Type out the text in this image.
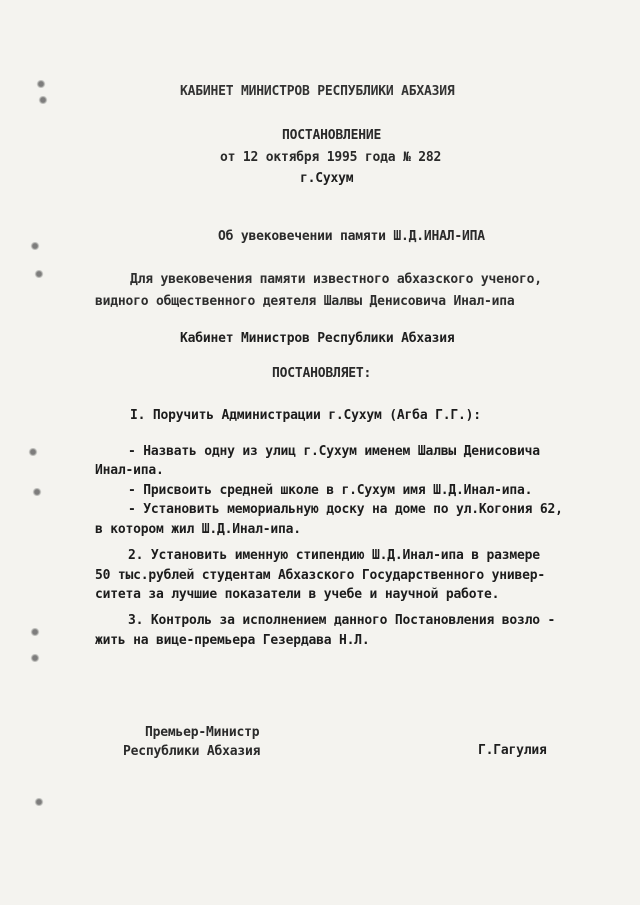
КАБИНЕТ МИНИСТРОВ РЕСПУБЛИКИ АБХАЗИЯ
ПОСТАНОВЛЕНИЕ
от 12 октября 1995 года № 282
г.Сухум
Об увековечении памяти Ш.Д.ИНАЛ-ИПА
Для увековечения памяти известного абхазского ученого,
видного общественного деятеля Шалвы Денисовича Инал-ипа
Кабинет Министров Республики Абхазия
ПОСТАНОВЛЯЕТ:
I. Поручить Администрации г.Сухум (Агба Г.Г.):
- Назвать одну из улиц г.Сухум именем Шалвы Денисовича
Инал-ипа.
- Присвоить средней школе в г.Сухум имя Ш.Д.Инал-ипа.
- Установить мемориальную доску на доме по ул.Когония 62,
в котором жил Ш.Д.Инал-ипа.
2. Установить именную стипендию Ш.Д.Инал-ипа в размере
50 тыс.рублей студентам Абхазского Государственного универ-
ситета за лучшие показатели в учебе и научной работе.
3. Контроль за исполнением данного Постановления возло -
жить на вице-премьера Гезердава Н.Л.
Премьер-Министр
Республики Абхазия	Г.Гагулия
